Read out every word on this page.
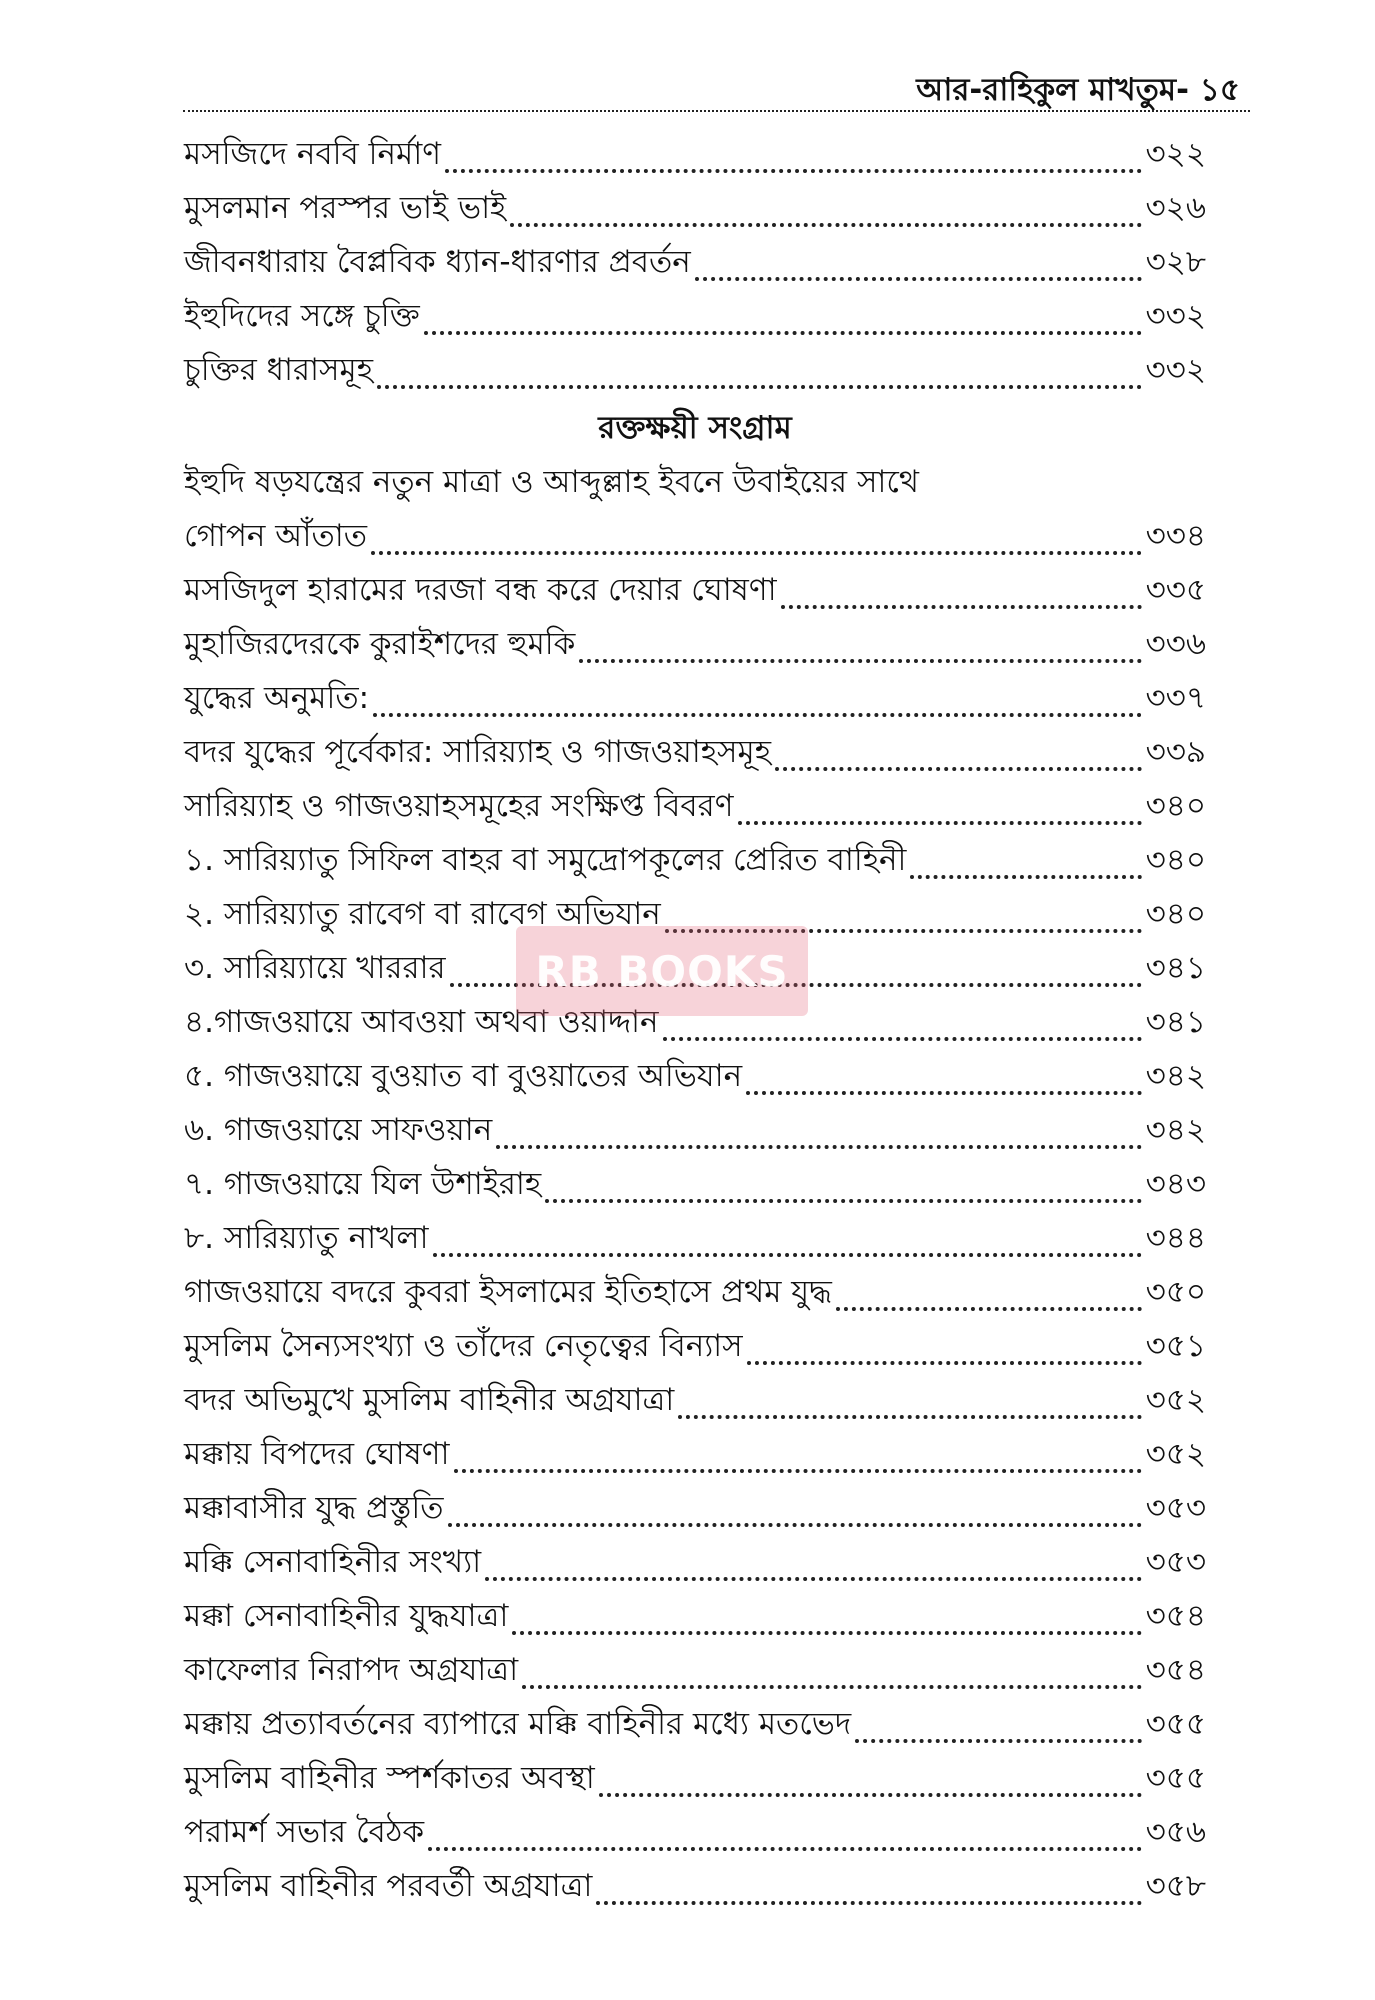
আর-রাহিকুল মাখতুম- ১৫
মসজিদে নববি নির্মাণ	৩২২
মুসলমান পরস্পর ভাই ভাই	৩২৬
জীবনধারায় বৈপ্লবিক ধ্যান-ধারণার প্রবর্তন	৩২৮
ইহুদিদের সঙ্গে চুক্তি	৩৩২
চুক্তির ধারাসমূহ	৩৩২
রক্তক্ষয়ী সংগ্রাম
ইহুদি ষড়যন্ত্রের নতুন মাত্রা ও আব্দুল্লাহ ইবনে উবাইয়ের সাথে
গোপন আঁতাত	৩৩৪
মসজিদুল হারামের দরজা বন্ধ করে দেয়ার ঘোষণা	৩৩৫
মুহাজিরদেরকে কুরাইশদের হুমকি	৩৩৬
যুদ্ধের অনুমতি:	৩৩৭
বদর যুদ্ধের পূর্বেকার: সারিয়্যাহ ও গাজওয়াহসমূহ	৩৩৯
সারিয়্যাহ ও গাজওয়াহসমূহের সংক্ষিপ্ত বিবরণ	৩৪০
১. সারিয়্যাতু সিফিল বাহর বা সমুদ্রোপকূলের প্রেরিত বাহিনী	৩৪০
২. সারিয়্যাতু রাবেগ বা রাবেগ অভিযান	৩৪০
৩. সারিয়্যায়ে খাররার	৩৪১
৪.গাজওয়ায়ে আবওয়া অথবা ওয়াদ্দান	৩৪১
৫. গাজওয়ায়ে বুওয়াত বা বুওয়াতের অভিযান	৩৪২
৬. গাজওয়ায়ে সাফওয়ান	৩৪২
৭. গাজওয়ায়ে যিল উশাইরাহ	৩৪৩
৮. সারিয়্যাতু নাখলা	৩৪৪
গাজওয়ায়ে বদরে কুবরা ইসলামের ইতিহাসে প্রথম যুদ্ধ	৩৫০
মুসলিম সৈন্যসংখ্যা ও তাঁদের নেতৃত্বের বিন্যাস	৩৫১
বদর অভিমুখে মুসলিম বাহিনীর অগ্রযাত্রা	৩৫২
মক্কায় বিপদের ঘোষণা	৩৫২
মক্কাবাসীর যুদ্ধ প্রস্তুতি	৩৫৩
মক্কি সেনাবাহিনীর সংখ্যা	৩৫৩
মক্কা সেনাবাহিনীর যুদ্ধযাত্রা	৩৫৪
কাফেলার নিরাপদ অগ্রযাত্রা	৩৫৪
মক্কায় প্রত্যাবর্তনের ব্যাপারে মক্কি বাহিনীর মধ্যে মতভেদ	৩৫৫
মুসলিম বাহিনীর স্পর্শকাতর অবস্থা	৩৫৫
পরামর্শ সভার বৈঠক	৩৫৬
মুসলিম বাহিনীর পরবর্তী অগ্রযাত্রা	৩৫৮
RB BOOKS
